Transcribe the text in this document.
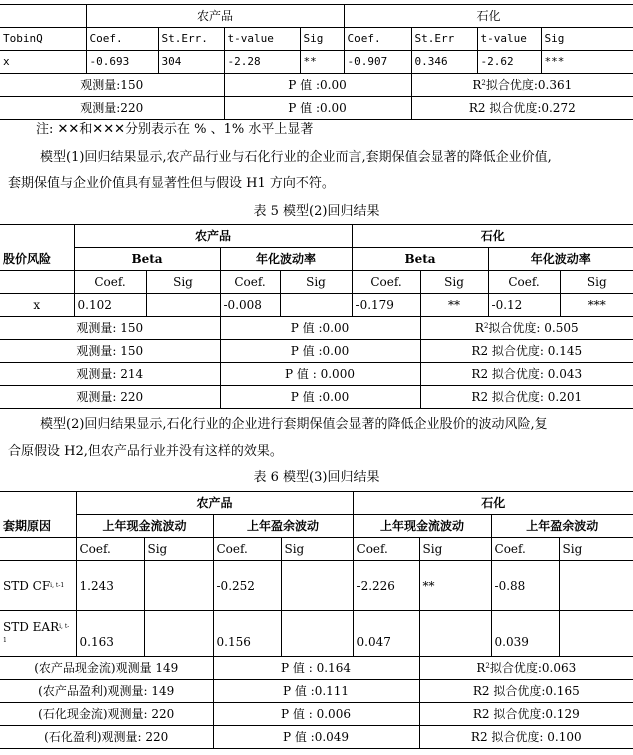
	农产品				石化			
TobinQ	Coef.	St.Err.	t-value	Sig	Coef.	St.Err	t-value	Sig
x	-0.693	304	-2.28	**	-0.907	0.346	-2.62	***
观测量:150			P 值 :0.00			$R^2$拟合优度:0.361		
观测量:220			P 值 :0.00			R2 拟合优度:0.272		

注: ✕✕和✕✕✕分别表示在 % 、1% 水平上显著

模型(1)回归结果显示,农产品行业与石化行业的企业而言,套期保值会显著的降低企业价值,

套期保值与企业价值具有显著性但与假设 H1 方向不符。

表 5 模型(2)回归结果
	农产品				石化			
股价风险	Beta		年化波动率		Beta		年化波动率	
	Coef.	Sig	Coef.	Sig	Coef.	Sig	Coef.	Sig
x	0.102		-0.008		-0.179	**	-0.12	***
观测量: 150			P 值 :0.00			$R^2$拟合优度: 0.505		
观测量: 150			P 值 :0.00			R2 拟合优度: 0.145		
观测量: 214			P 值 : 0.000			R2 拟合优度: 0.043		
观测量: 220			P 值 :0.00			R2 拟合优度: 0.201		

模型(2)回归结果显示,石化行业的企业进行套期保值会显著的降低企业股价的波动风险,复

合原假设 H2,但农产品行业并没有这样的效果。

表 6 模型(3)回归结果
	农产品				石化			
套期原因	上年现金流波动		上年盈余波动		上年现金流波动		上年盈余波动	
	Coef.	Sig	Coef.	Sig	Coef.	Sig	Coef.	Sig
STD CFi, t-1	1.243		-0.252		-2.226	**	-0.88	
STD EARi, t-
1	0.163		0.156		0.047		0.039	
(农产品现金流)观测量 149			P 值 : 0.164			$R^2$拟合优度:0.063		
(农产品盈利)观测量: 149			P 值 :0.111			R2 拟合优度:0.165		
(石化现金流)观测量: 220			P 值 : 0.006			R2 拟合优度:0.129		
(石化盈利)观测量: 220			P 值 :0.049			R2 拟合优度: 0.100		
